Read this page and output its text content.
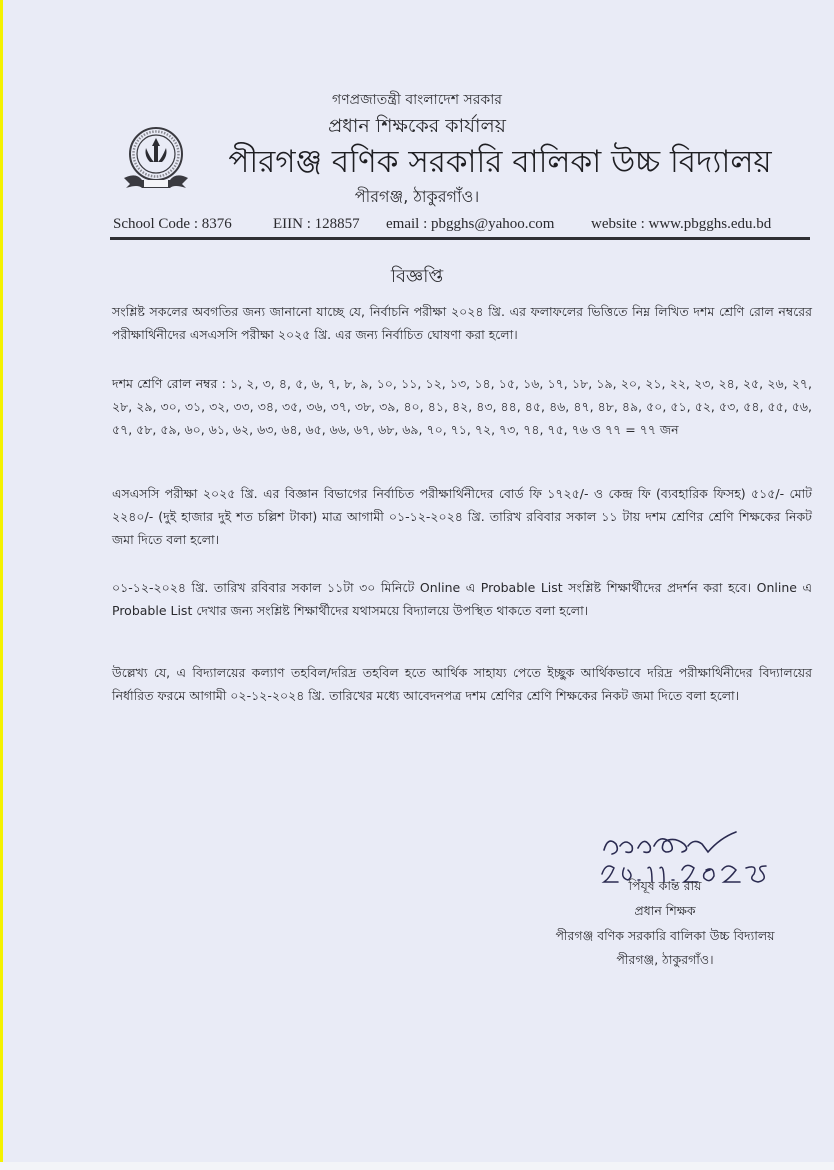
গণপ্রজাতন্ত্রী বাংলাদেশ সরকার
প্রধান শিক্ষকের কার্যালয়
পীরগঞ্জ বণিক সরকারি বালিকা উচ্চ বিদ্যালয়
পীরগঞ্জ, ঠাকুরগাঁও।
School Code : 8376	EIIN : 128857 email : pbgghs@yahoo.com website : www.pbgghs.edu.bd
বিজ্ঞপ্তি
সংশ্লিষ্ট সকলের অবগতির জন্য জানানো যাচ্ছে যে, নির্বাচনি পরীক্ষা ২০২৪ খ্রি. এর ফলাফলের ভিত্তিতে নিম্ন লিখিত দশম শ্রেণি রোল নম্বরের পরীক্ষার্থিনীদের এসএসসি পরীক্ষা ২০২৫ খ্রি. এর জন্য নির্বাচিত ঘোষণা করা হলো।
দশম শ্রেণি রোল নম্বর : ১, ২, ৩, ৪, ৫, ৬, ৭, ৮, ৯, ১০, ১১, ১২, ১৩, ১৪, ১৫, ১৬, ১৭, ১৮, ১৯, ২০, ২১, ২২, ২৩, ২৪, ২৫, ২৬, ২৭, ২৮, ২৯, ৩০, ৩১, ৩২, ৩৩, ৩৪, ৩৫, ৩৬, ৩৭, ৩৮, ৩৯, ৪০, ৪১, ৪২, ৪৩, ৪৪, ৪৫, ৪৬, ৪৭, ৪৮, ৪৯, ৫০, ৫১, ৫২, ৫৩, ৫৪, ৫৫, ৫৬, ৫৭, ৫৮, ৫৯, ৬০, ৬১, ৬২, ৬৩, ৬৪, ৬৫, ৬৬, ৬৭, ৬৮, ৬৯, ৭০, ৭১, ৭২, ৭৩, ৭৪, ৭৫, ৭৬ ও ৭৭ = ৭৭ জন
এসএসসি পরীক্ষা ২০২৫ খ্রি. এর বিজ্ঞান বিভাগের নির্বাচিত পরীক্ষার্থিনীদের বোর্ড ফি ১৭২৫/- ও কেন্দ্র ফি (ব্যবহারিক ফিসহ) ৫১৫/- মোট ২২৪০/- (দুই হাজার দুই শত চল্লিশ টাকা) মাত্র আগামী ০১-১২-২০২৪ খ্রি. তারিখ রবিবার সকাল ১১ টায় দশম শ্রেণির শ্রেণি শিক্ষকের নিকট জমা দিতে বলা হলো।
০১-১২-২০২৪ খ্রি. তারিখ রবিবার সকাল ১১টা ৩০ মিনিটে Online এ Probable List সংশ্লিষ্ট শিক্ষার্থীদের প্রদর্শন করা হবে। Online এ Probable List দেখার জন্য সংশ্লিষ্ট শিক্ষার্থীদের যথাসময়ে বিদ্যালয়ে উপস্থিত থাকতে বলা হলো।
উল্লেখ্য যে, এ বিদ্যালয়ের কল্যাণ তহবিল/দরিদ্র তহবিল হতে আর্থিক সাহায্য পেতে ইচ্ছুক আর্থিকভাবে দরিদ্র পরীক্ষার্থিনীদের বিদ্যালয়ের নির্ধারিত ফরমে আগামী ০২-১২-২০২৪ খ্রি. তারিখের মধ্যে আবেদনপত্র দশম শ্রেণির শ্রেণি শিক্ষকের নিকট জমা দিতে বলা হলো।
পিযূষ কান্ত রায়
প্রধান শিক্ষক
পীরগঞ্জ বণিক সরকারি বালিকা উচ্চ বিদ্যালয়
পীরগঞ্জ, ঠাকুরগাঁও।
